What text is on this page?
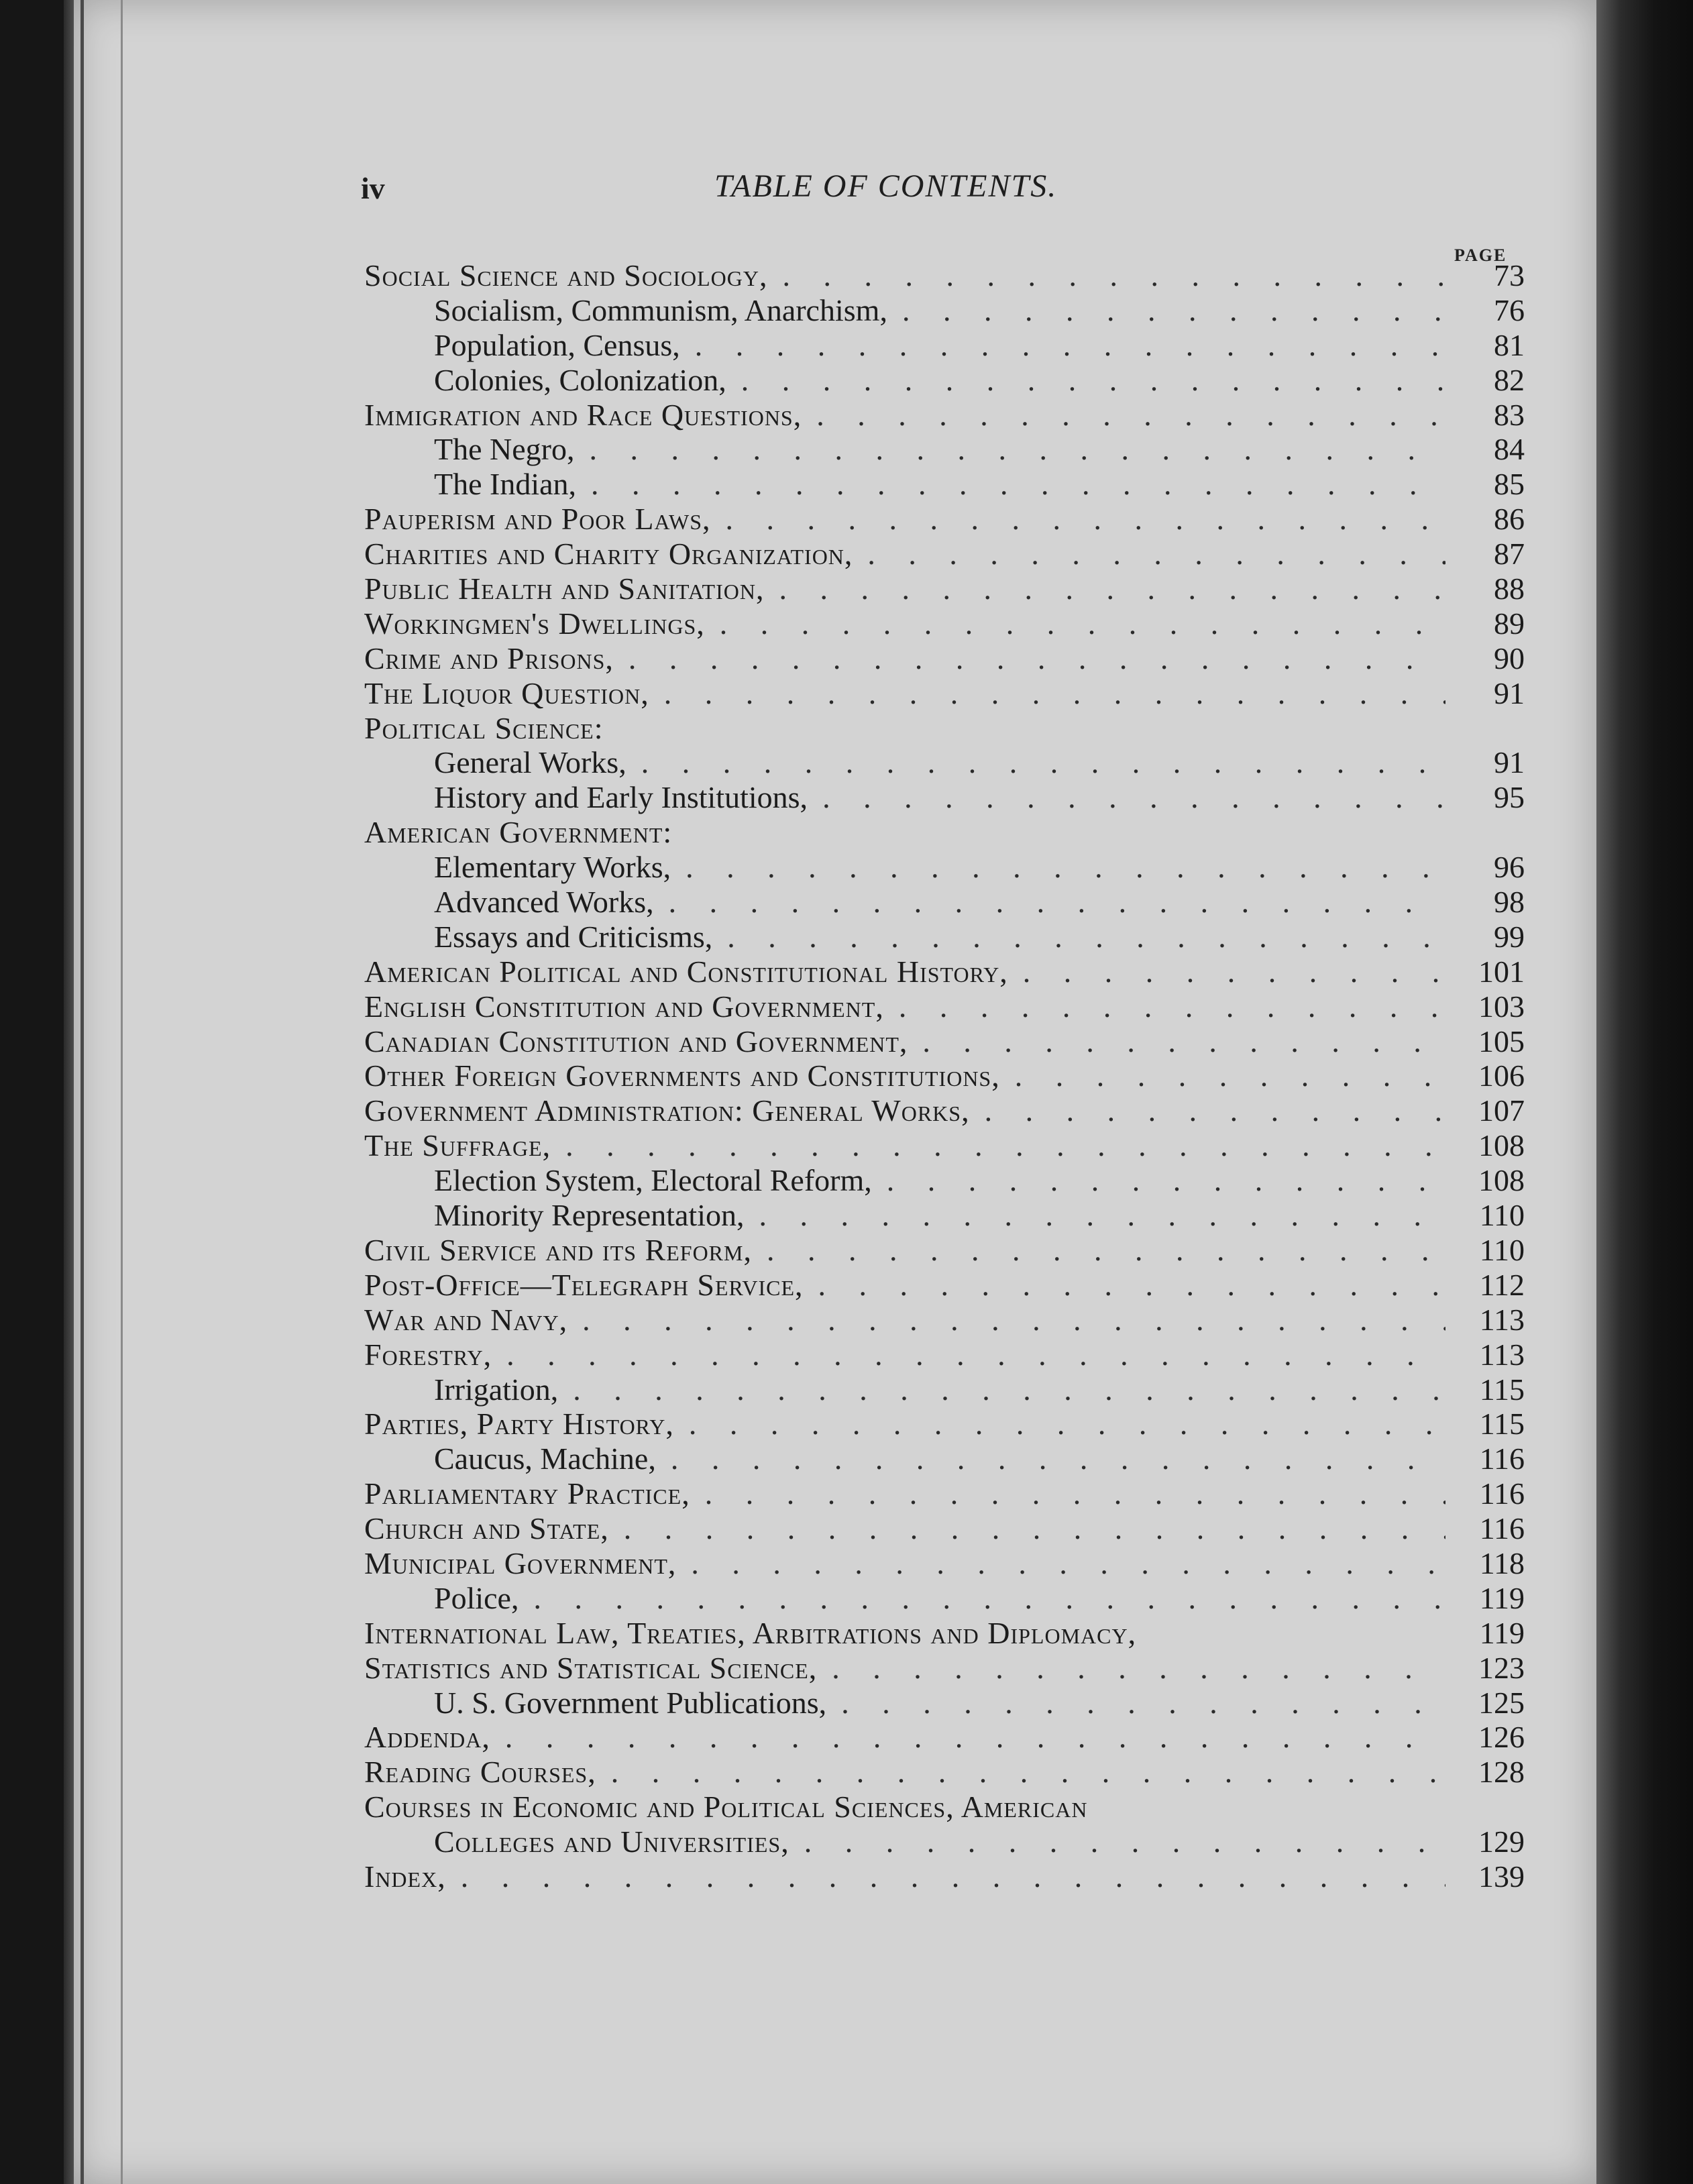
iv	TABLE OF CONTENTS.
PAGE
Social Science and Sociology, . . .	73
Socialism, Communism, Anarchism, . . .	76
Population, Census, . . .	81
Colonies, Colonization, . . .	82
Immigration and Race Questions, . . .	83
The Negro, . . .	84
The Indian, . . .	85
Pauperism and Poor Laws, . . .	86
Charities and Charity Organization, . . .	87
Public Health and Sanitation, . . .	88
Workingmen's Dwellings, . . .	89
Crime and Prisons, . . .	90
The Liquor Question, . . .	91
Political Science:
General Works, . . .	91
History and Early Institutions, . . .	95
American Government:
Elementary Works, . . .	96
Advanced Works, . . .	98
Essays and Criticisms, . . .	99
American Political and Constitutional History, . . .	101
English Constitution and Government, . . .	103
Canadian Constitution and Government, . . .	105
Other Foreign Governments and Constitutions, . . .	106
Government Administration: General Works, . . .	107
The Suffrage, . . .	108
Election System, Electoral Reform, . . .	108
Minority Representation, . . .	110
Civil Service and its Reform, . . .	110
Post-Office—Telegraph Service, . . .	112
War and Navy, . . .	113
Forestry, . . .	113
Irrigation, . . .	115
Parties, Party History, . . .	115
Caucus, Machine, . . .	116
Parliamentary Practice, . . .	116
Church and State, . . .	116
Municipal Government, . . .	118
Police, . . .	119
International Law, Treaties, Arbitrations and Diplomacy,	119
Statistics and Statistical Science, . . .	123
U. S. Government Publications, . . .	125
Addenda, . . .	126
Reading Courses, . . .	128
Courses in Economic and Political Sciences, American
Colleges and Universities, . . .	129
Index, . . .	139
